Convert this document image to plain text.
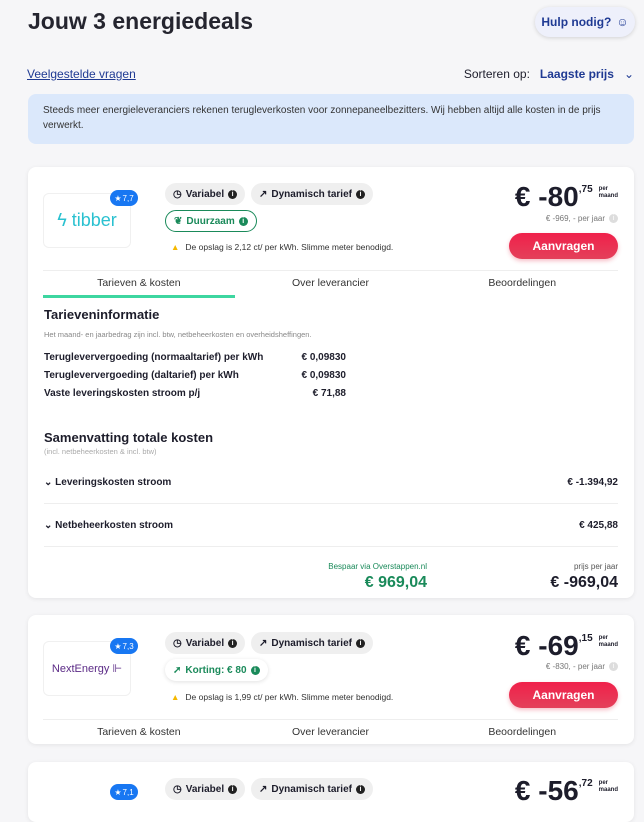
Jouw 3 energiedeals	Hulp nodig? ☺
Veelgestelde vragen	Sorteren op: Laagste prijs ⌄
Steeds meer energieleveranciers rekenen terugleverkosten voor zonnepaneelbezitters. Wij hebben altijd alle kosten in de prijs verwerkt.
ϟ tibber
★ 7,7	◷ Variabel	i	↗ Dynamisch tarief	i
❦ Duurzaam	i
▲ De opslag is 2,12 ct/ per kWh. Slimme meter benodigd.
€ -80 ,75 per
maand
€ -969, - per jaar	i
Aanvragen
Tarieven & kosten	Over leverancier	Beoordelingen
Tarieveninformatie
Het maand- en jaarbedrag zijn incl. btw, netbeheerkosten en overheidsheffingen.
Terugleververgoeding (normaaltarief) per kWh	€ 0,09830
Terugleververgoeding (daltarief) per kWh	€ 0,09830
Vaste leveringskosten stroom p/j	€ 71,88
Samenvatting totale kosten
(incl. netbeheerkosten & incl. btw)
⌄ Leveringskosten stroom	€ -1.394,92
⌄ Netbeheerkosten stroom	€ 425,88
Bespaar via Overstappen.nl
€ 969,04
prijs per jaar
€ -969,04
NextEnergy ⊩
★ 7,3	◷ Variabel	i	↗ Dynamisch tarief	i
➚ Korting: € 80	i
▲ De opslag is 1,99 ct/ per kWh. Slimme meter benodigd.
€ -69 ,15 per
maand
€ -830, - per jaar	i
Aanvragen
Tarieven & kosten	Over leverancier	Beoordelingen
★ 7,1	◷ Variabel	i	↗ Dynamisch tarief	i	€ -56 ,72 per
maand
